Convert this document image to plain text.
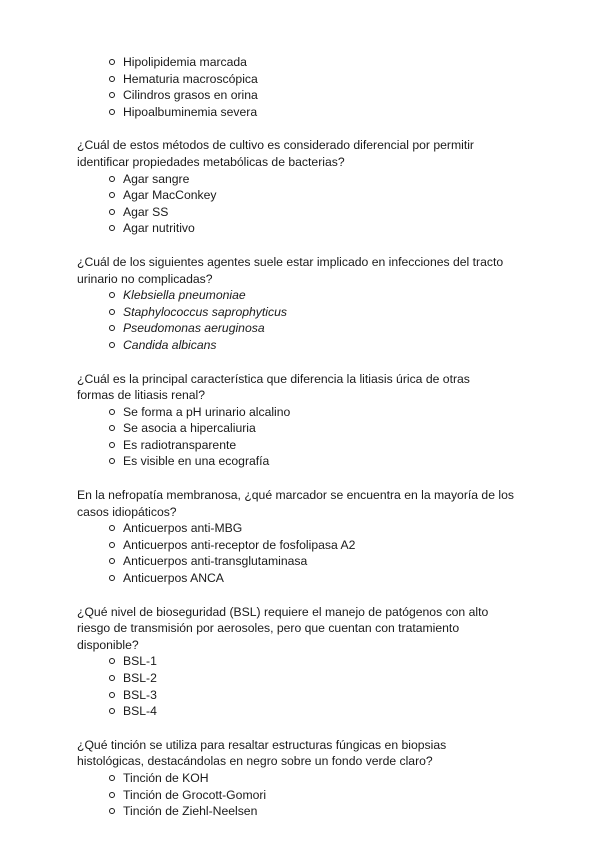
Hipolipidemia marcada
Hematuria macroscópica
Cilindros grasos en orina
Hipoalbuminemia severa

¿Cuál de estos métodos de cultivo es considerado diferencial por permitir
identificar propiedades metabólicas de bacterias?

Agar sangre
Agar MacConkey
Agar SS
Agar nutritivo

¿Cuál de los siguientes agentes suele estar implicado en infecciones del tracto
urinario no complicadas?

Klebsiella pneumoniae
Staphylococcus saprophyticus
Pseudomonas aeruginosa
Candida albicans

¿Cuál es la principal característica que diferencia la litiasis úrica de otras
formas de litiasis renal?

Se forma a pH urinario alcalino
Se asocia a hipercaliuria
Es radiotransparente
Es visible en una ecografía

En la nefropatía membranosa, ¿qué marcador se encuentra en la mayoría de los
casos idiopáticos?

Anticuerpos anti-MBG
Anticuerpos anti-receptor de fosfolipasa A2
Anticuerpos anti-transglutaminasa
Anticuerpos ANCA

¿Qué nivel de bioseguridad (BSL) requiere el manejo de patógenos con alto
riesgo de transmisión por aerosoles, pero que cuentan con tratamiento
disponible?

BSL-1
BSL-2
BSL-3
BSL-4

¿Qué tinción se utiliza para resaltar estructuras fúngicas en biopsias
histológicas, destacándolas en negro sobre un fondo verde claro?

Tinción de KOH
Tinción de Grocott-Gomori
Tinción de Ziehl-Neelsen
